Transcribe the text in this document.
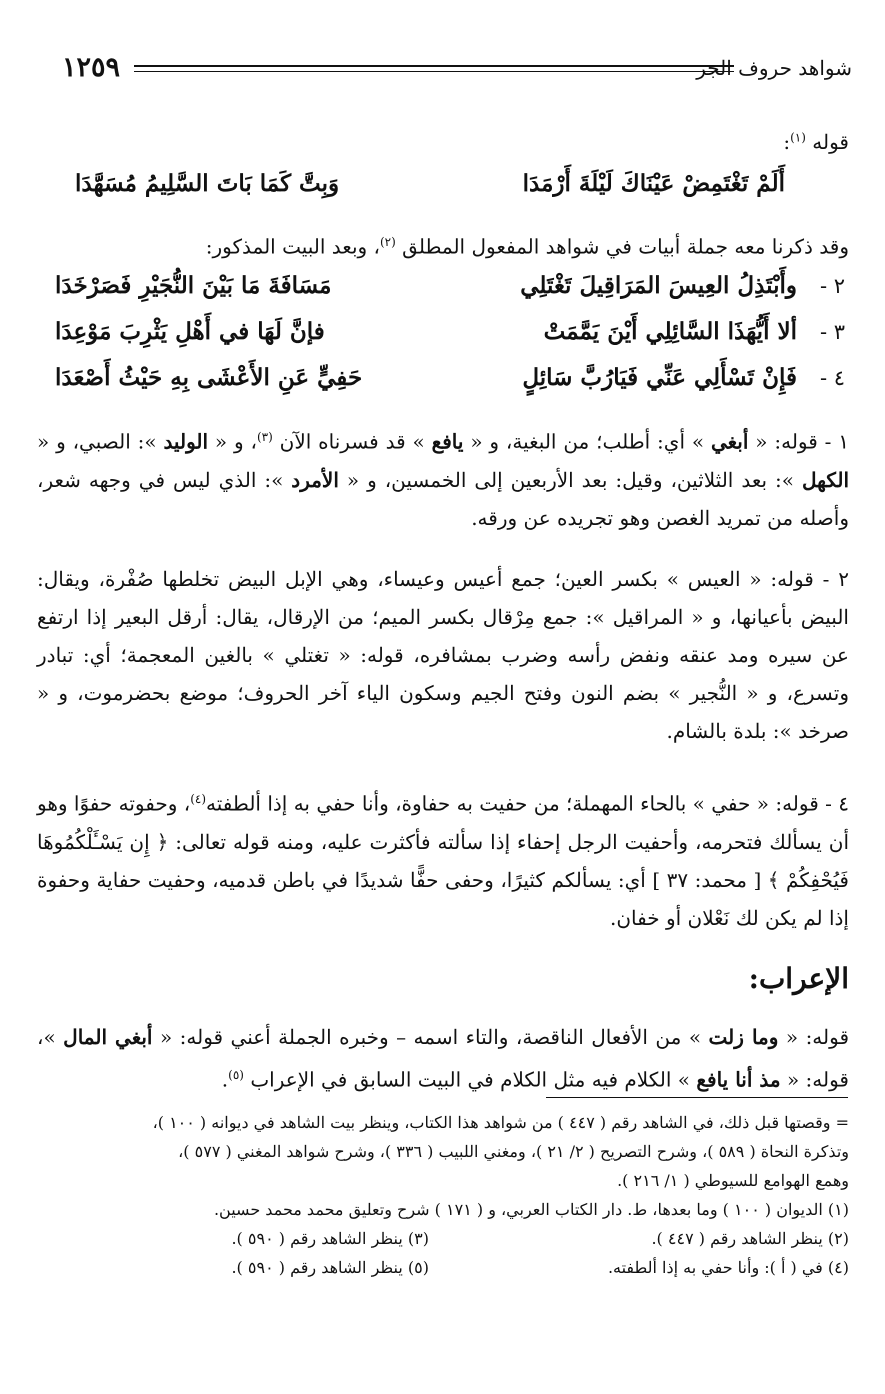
شواهد حروف الجر
١٢٥٩
قوله $^{(١)}$:
أَلَمْ تَغْتَمِضْ عَيْنَاكَ لَيْلَةَ أَرْمَدَا
وَبِتَّ كَمَا بَاتَ السَّلِيمُ مُسَهَّدَا

وقد ذكرنا معه جملة أبيات في شواهد المفعول المطلق $^{(٢)}$، وبعد البيت المذكور:

٢ -
وأَبْتَذِلُ العِيسَ المَرَاقِيلَ تَغْتَلِي
مَسَافَةَ مَا بَيْنَ النُّجَيْرِ فَصَرْخَدَا
٣ -
ألا أَيُّهَذَا السَّائِلِي أَيْنَ يَمَّمَتْ
فإنَّ لَهَا في أَهْلِ يَثْرِبَ مَوْعِدَا
٤ -
فَإِنْ تَسْأَلِي عَنِّي فَيَارُبَّ سَائِلٍ
حَفِيٍّ عَنِ الأَعْشَى بِهِ حَيْثُ أَصْعَدَا

١ - قوله: « أبغي » أي: أطلب؛ من البغية، و « يافع » قد فسرناه الآن $^{(٣)}$، و « الوليد »: الصبي، و « الكهل »: بعد الثلاثين، وقيل: بعد الأربعين إلى الخمسين، و « الأمرد »: الذي ليس في وجهه شعر، وأصله من تمريد الغصن وهو تجريده عن ورقه.

٢ - قوله: « العيس » بكسر العين؛ جمع أعيس وعيساء، وهي الإبل البيض تخلطها صُفْرة، ويقال: البيض بأعيانها، و « المراقيل »: جمع مِرْقال بكسر الميم؛ من الإرقال، يقال: أرقل البعير إذا ارتفع عن سيره ومد عنقه ونفض رأسه وضرب بمشافره، قوله: « تغتلي » بالغين المعجمة؛ أي: تبادر وتسرع، و « النُّجير » بضم النون وفتح الجيم وسكون الياء آخر الحروف؛ موضع بحضرموت، و « صرخد »: بلدة بالشام.

٤ - قوله: « حفي » بالحاء المهملة؛ من حفيت به حفاوة، وأنا حفي به إذا ألطفته$^{(٤)}$، وحفوته حفوًا وهو أن يسألك فتحرمه، وأحفيت الرجل إحفاء إذا سألته فأكثرت عليه، ومنه قوله تعالى: ﴿ إِن يَسْـَٔلْكُمُوهَا فَيُحْفِكُمْ ﴾ [ محمد: ٣٧ ] أي: يسألكم كثيرًا، وحفى حفًّا شديدًا في باطن قدميه، وحفيت حفاية وحفوة إذا لم يكن لك نَعْلان أو خفان.

الإعراب:

قوله: « وما زلت » من الأفعال الناقصة، والتاء اسمه – وخبره الجملة أعني قوله: « أبغي المال »، قوله: « مذ أنا يافع » الكلام فيه مثل الكلام في البيت السابق في الإعراب $^{(٥)}$.

= وقصتها قبل ذلك، في الشاهد رقم ( ٤٤٧ ) من شواهد هذا الكتاب، وينظر بيت الشاهد في ديوانه ( ١٠٠ )،
وتذكرة النحاة ( ٥٨٩ )، وشرح التصريح ( ٢/ ٢١ )، ومغني اللبيب ( ٣٣٦ )، وشرح شواهد المغني ( ٥٧٧ )،
وهمع الهوامع للسيوطي ( ١/ ٢١٦ ).
(١) الديوان ( ١٠٠ ) وما بعدها، ط. دار الكتاب العربي، و ( ١٧١ ) شرح وتعليق محمد محمد حسين.
(٢) ينظر الشاهد رقم ( ٤٤٧ ).
(٣) ينظر الشاهد رقم ( ٥٩٠ ).
(٤) في ( أ ): وأنا حفي به إذا ألطفته.
(٥) ينظر الشاهد رقم ( ٥٩٠ ).
